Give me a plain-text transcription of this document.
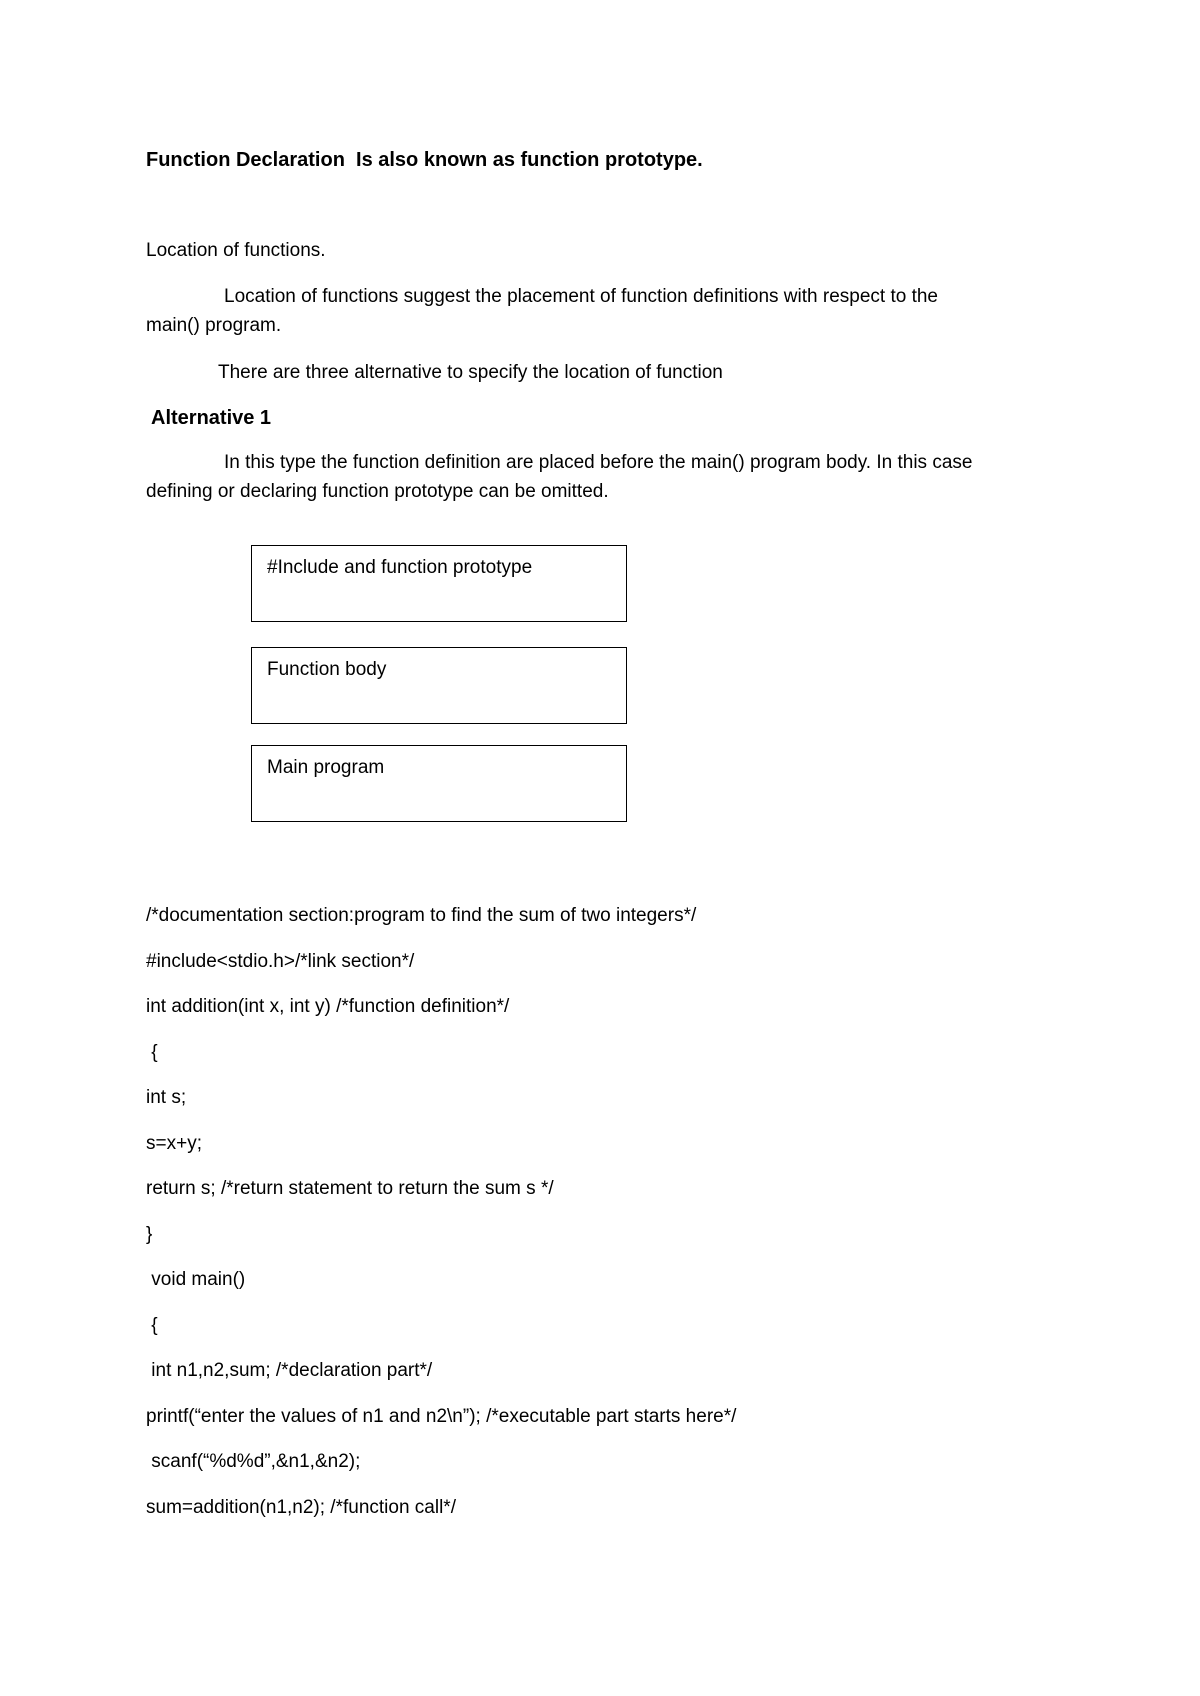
Function Declaration  Is also known as function prototype.
Location of functions.
Location of functions suggest the placement of function definitions with respect to the
main() program.
There are three alternative to specify the location of function
Alternative 1
In this type the function definition are placed before the main() program body. In this case
defining or declaring function prototype can be omitted.
#Include and function prototype
Function body
Main program
/*documentation section:program to find the sum of two integers*/
#include<stdio.h>/*link section*/
int addition(int x, int y) /*function definition*/
{
int s;
s=x+y;
return s; /*return statement to return the sum s */
}
void main()
{
int n1,n2,sum; /*declaration part*/
printf(“enter the values of n1 and n2\n”); /*executable part starts here*/
scanf(“%d%d”,&n1,&n2);
sum=addition(n1,n2); /*function call*/
